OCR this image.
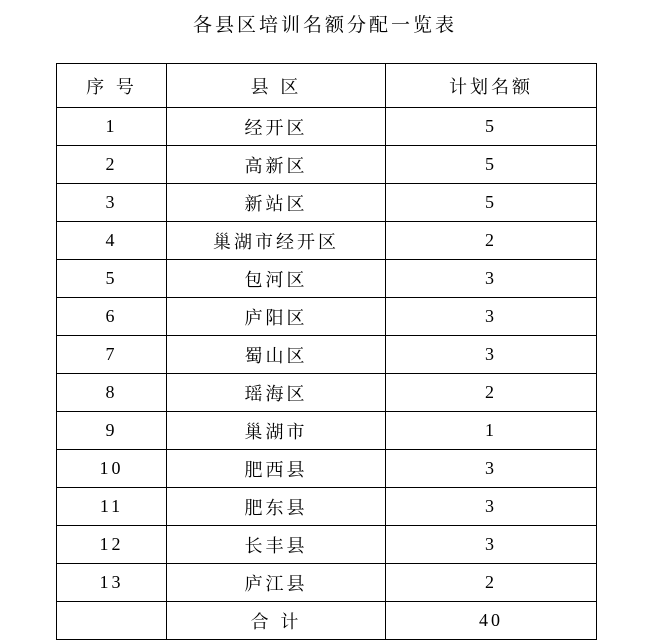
各县区培训名额分配一览表
序 号	县 区	计划名额
1	经开区	5
2	高新区	5
3	新站区	5
4	巢湖市经开区	2
5	包河区	3
6	庐阳区	3
7	蜀山区	3
8	瑶海区	2
9	巢湖市	1
10	肥西县	3
11	肥东县	3
12	长丰县	3
13	庐江县	2
	合 计	40
